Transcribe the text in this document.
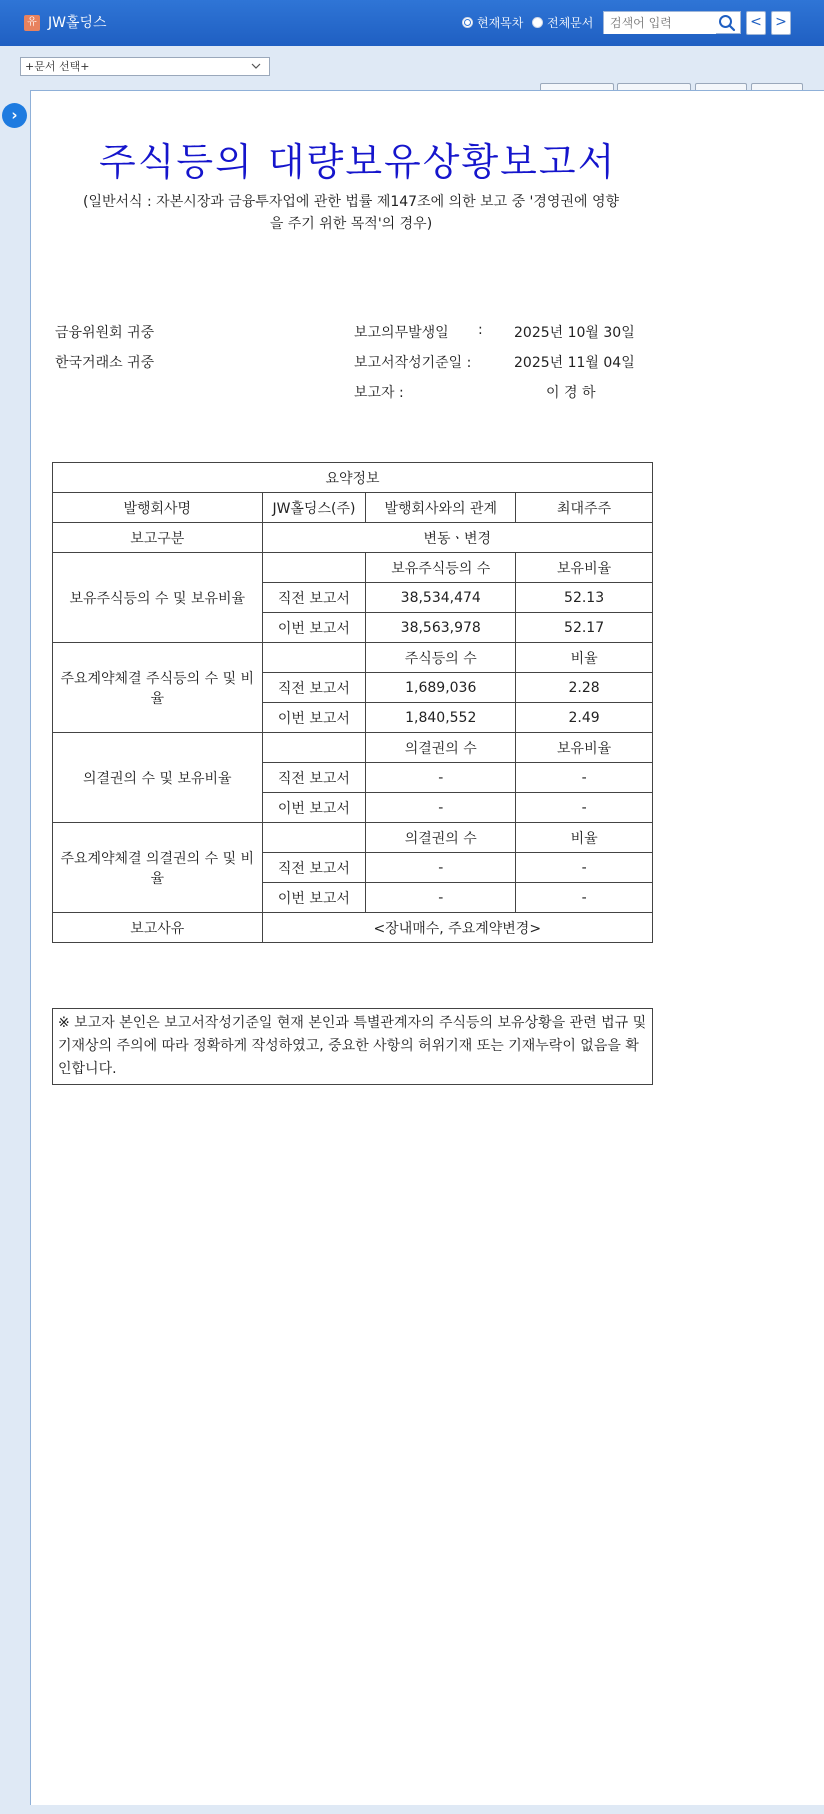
유 JW홀딩스	현재목차 전체문서
검색어 입력	< >
+문서 선택+
›
주식등의 대량보유상황보고서
(일반서식 : 자본시장과 금융투자업에 관한 법률 제147조에 의한 보고 중 '경영권에 영향
을 주기 위한 목적'의 경우)
금융위원회 귀중
한국거래소 귀중
보고의무발생일 : 2025년 10월 30일
보고서작성기준일 :	2025년 11월 04일
보고자 :	이 경 하
요약정보			
발행회사명	JW홀딩스(주)	발행회사와의 관계	최대주주
보고구분	변동ㆍ변경		
보유주식등의 수 및 보유비율		보유주식등의 수	보유비율
	직전 보고서	38,534,474	52.13
	이번 보고서	38,563,978	52.17
주요계약체결 주식등의 수 및 비율		주식등의 수	비율
	직전 보고서	1,689,036	2.28
	이번 보고서	1,840,552	2.49
의결권의 수 및 보유비율		의결권의 수	보유비율
	직전 보고서	-	-
	이번 보고서	-	-
주요계약체결 의결권의 수 및 비율		의결권의 수	비율
	직전 보고서	-	-
	이번 보고서	-	-
보고사유	<장내매수, 주요계약변경>		
※ 보고자 본인은 보고서작성기준일 현재 본인과 특별관계자의 주식등의 보유상황을 관련 법규 및 기재상의 주의에 따라 정확하게 작성하였고, 중요한 사항의 허위기재 또는 기재누락이 없음을 확인합니다.
